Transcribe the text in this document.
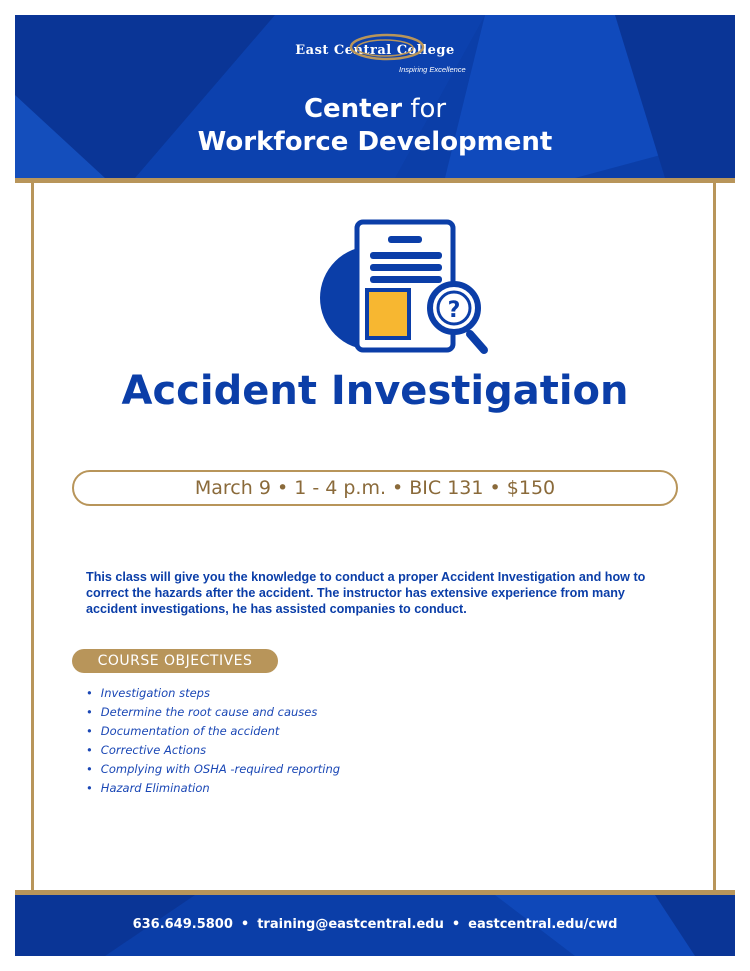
East Central College
Inspiring Excellence
Center for
Workforce Development
?
Accident Investigation
March 9 • 1 - 4 p.m. • BIC 131 • $150

This class will give you the knowledge to conduct a proper Accident Investigation and how to correct the hazards after the accident. The instructor has extensive experience from many accident investigations, he has assisted companies to conduct.

COURSE OBJECTIVES
• Investigation steps
• Determine the root cause and causes
• Documentation of the accident
• Corrective Actions
• Complying with OSHA -required reporting
• Hazard Elimination
636.649.5800 • training@eastcentral.edu • eastcentral.edu/cwd
